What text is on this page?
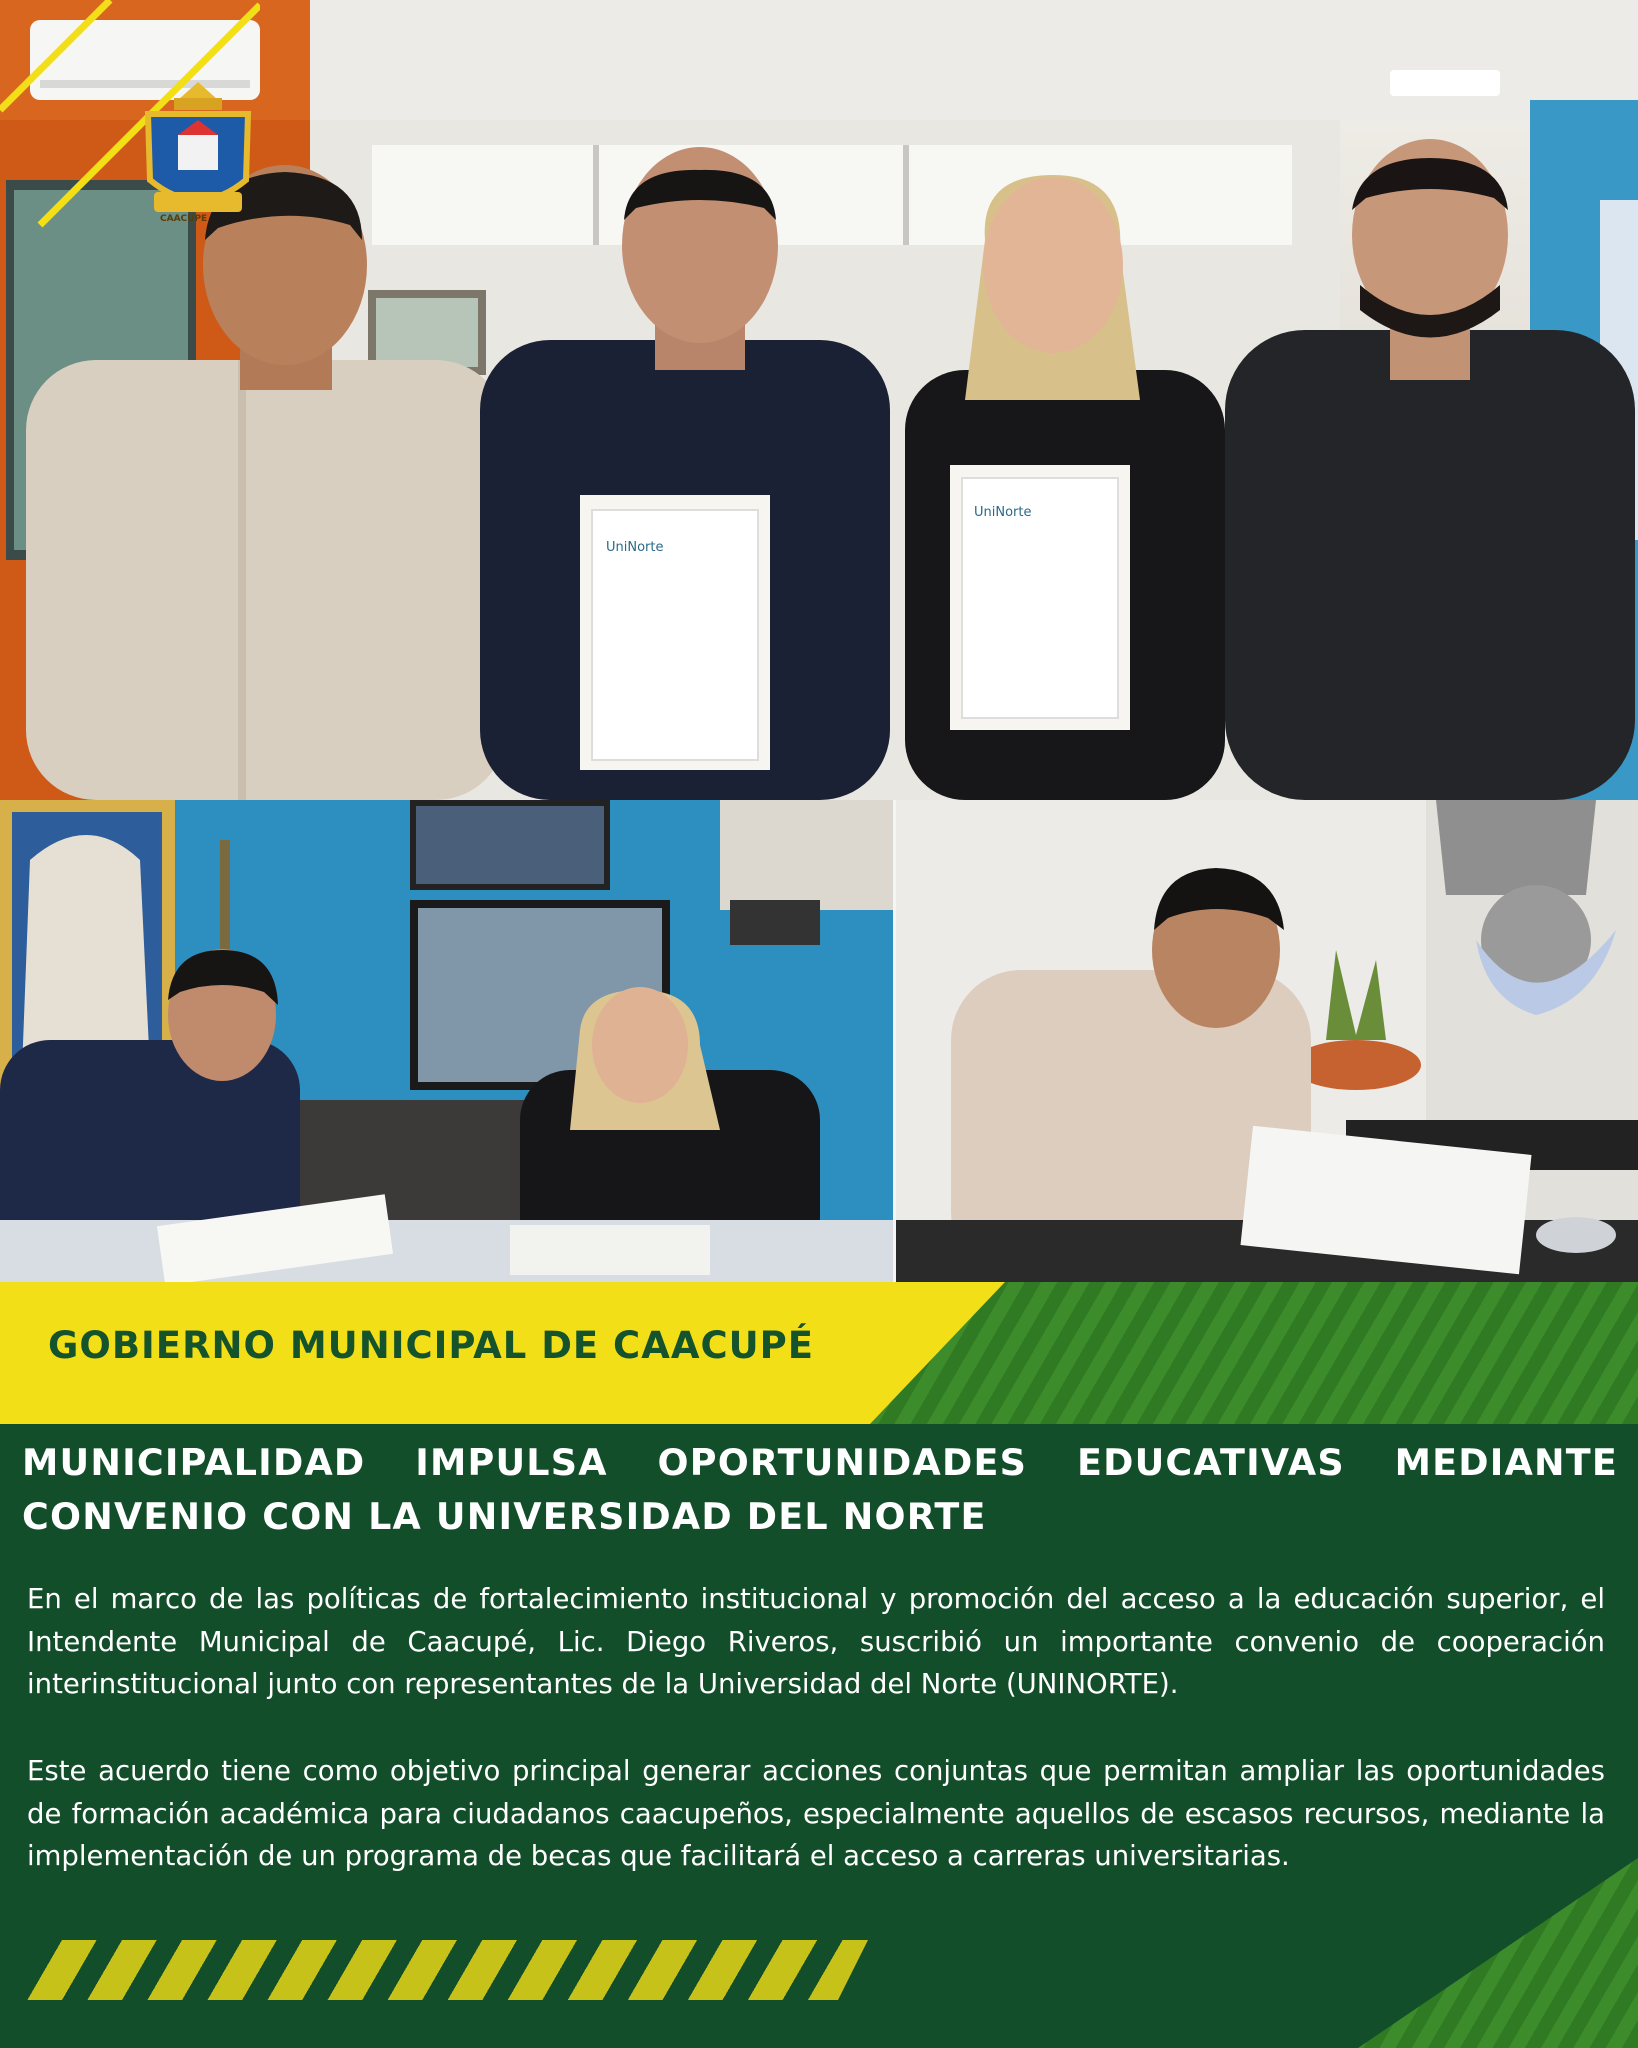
CAACUPE
UniNorte
UniNorte
GOBIERNO MUNICIPAL DE CAACUPÉ
MUNICIPALIDAD IMPULSA OPORTUNIDADES EDUCATIVAS MEDIANTE CONVENIO CON LA UNIVERSIDAD DEL NORTE

En el marco de las políticas de fortalecimiento institucional y promoción del acceso a la educación superior, el Intendente Municipal de Caacupé, Lic. Diego Riveros, suscribió un importante convenio de cooperación interinstitucional junto con representantes de la Universidad del Norte (UNINORTE).

Este acuerdo tiene como objetivo principal generar acciones conjuntas que permitan ampliar las oportunidades de formación académica para ciudadanos caacupeños, especialmente aquellos de escasos recursos, mediante la implementación de un programa de becas que facilitará el acceso a carreras universitarias.
